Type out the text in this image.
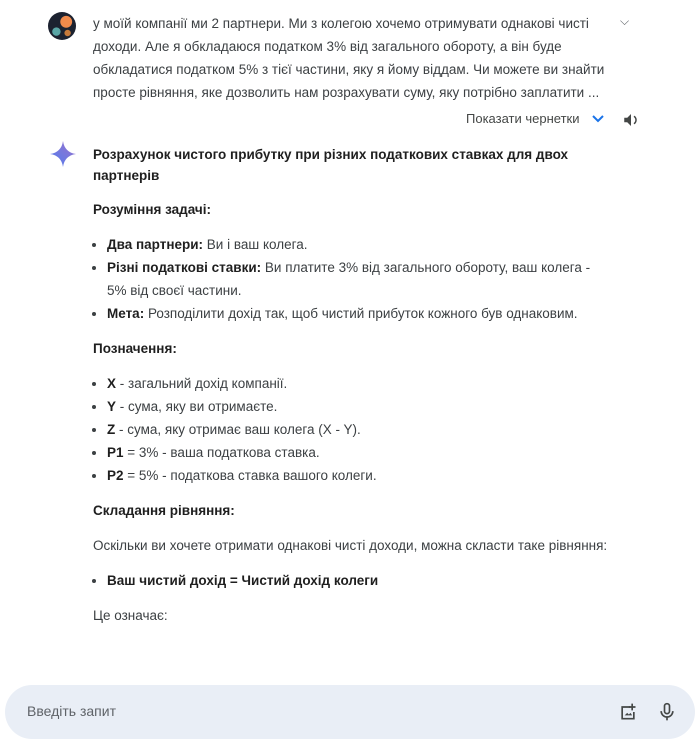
у моїй компанії ми 2 партнери. Ми з колегою хочемо отримувати однакові чисті доходи. Але я обкладаюся податком 3% від загального обороту, а він буде обкладатися податком 5% з тієї частини, яку я йому віддам. Чи можете ви знайти просте рівняння, яке дозволить нам розрахувати суму, яку потрібно заплатити ...
⌵
Показати чернетки
Розрахунок чистого прибутку при різних податкових ставках для двох партнерів
Розуміння задачі:
• Два партнери: Ви і ваш колега.
• Різні податкові ставки: Ви платите 3% від загального обороту, ваш колега - 5% від своєї частини.
• Мета: Розподілити дохід так, щоб чистий прибуток кожного був однаковим.
Позначення:
• X - загальний дохід компанії.
• Y - сума, яку ви отримаєте.
• Z - сума, яку отримає ваш колега (X - Y).
• P1 = 3% - ваша податкова ставка.
• P2 = 5% - податкова ставка вашого колеги.
Складання рівняння:

Оскільки ви хочете отримати однакові чисті доходи, можна скласти таке рівняння:

• Ваш чистий дохід = Чистий дохід колеги

Це означає:

Введіть запит
